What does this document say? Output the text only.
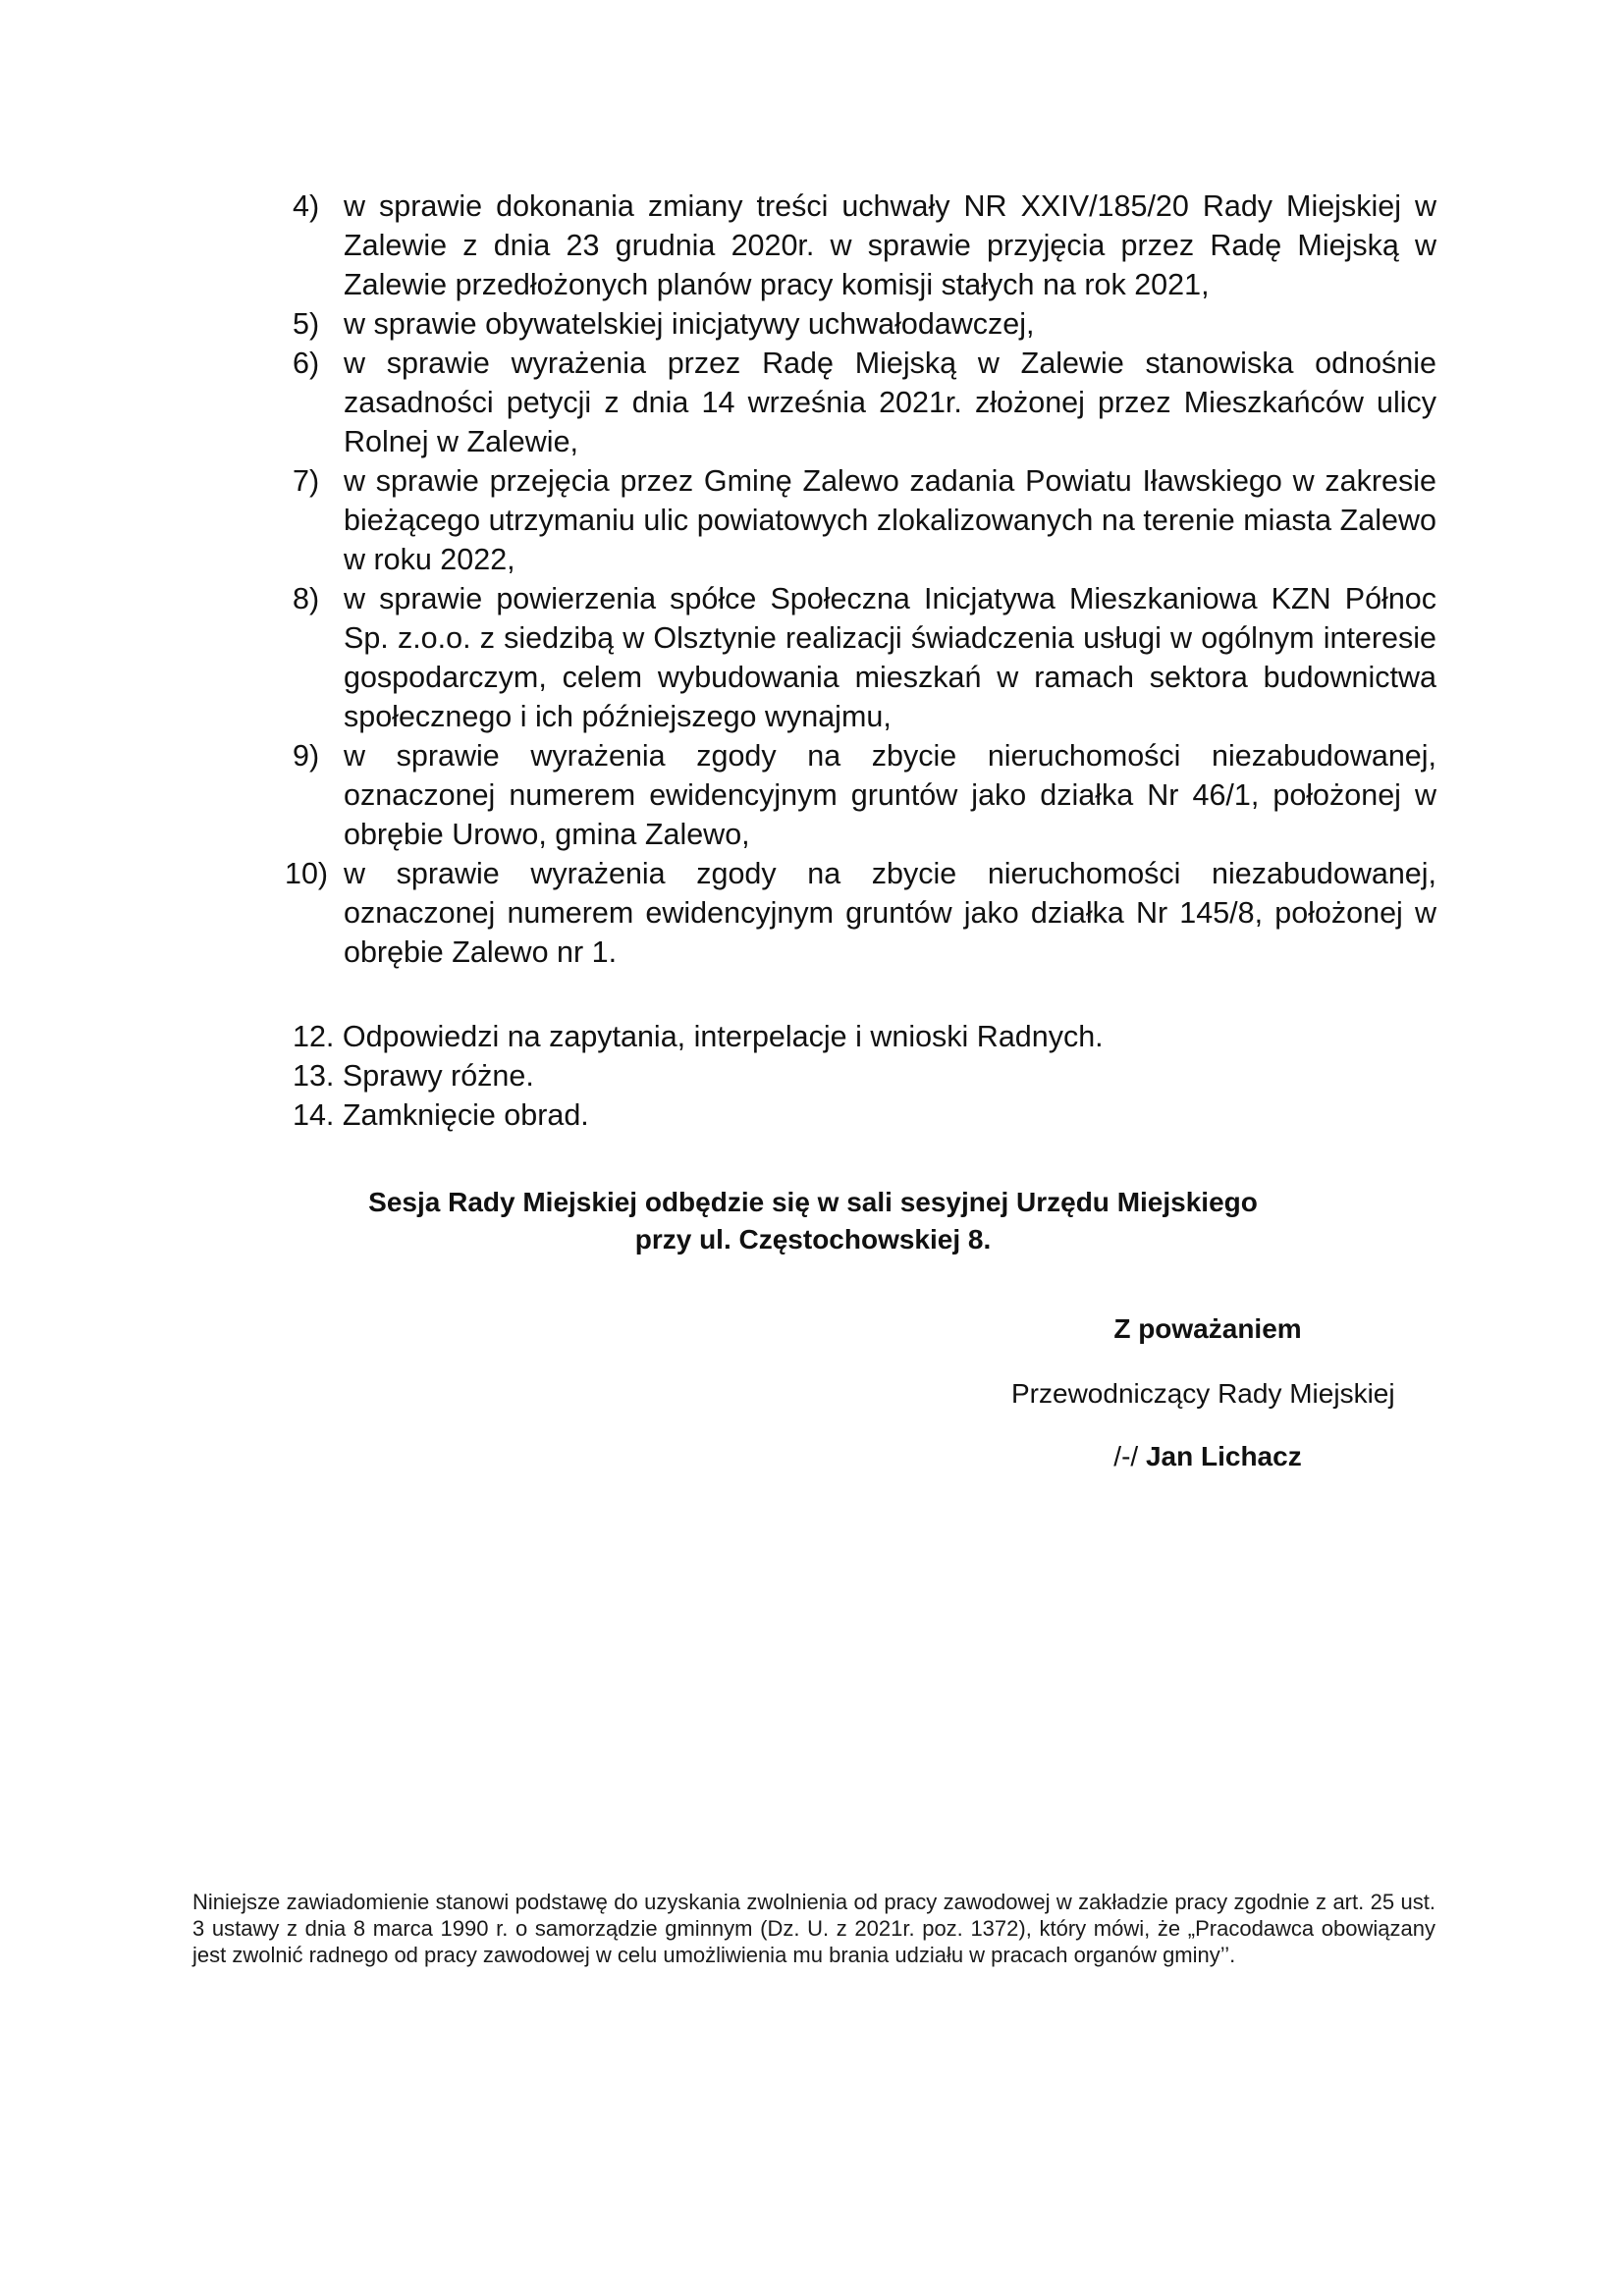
4) w sprawie dokonania zmiany treści uchwały NR XXIV/185/20 Rady Miejskiej w Zalewie z dnia 23 grudnia 2020r. w sprawie przyjęcia przez Radę Miejską w Zalewie przedłożonych planów pracy komisji stałych na rok 2021,
5) w sprawie obywatelskiej inicjatywy uchwałodawczej,
6) w sprawie wyrażenia przez Radę Miejską w Zalewie stanowiska odnośnie zasadności petycji z dnia 14 września 2021r. złożonej przez Mieszkańców ulicy Rolnej w Zalewie,
7) w sprawie przejęcia przez Gminę Zalewo zadania Powiatu Iławskiego w zakresie bieżącego utrzymaniu ulic powiatowych zlokalizowanych na terenie miasta Zalewo w roku 2022,
8) w sprawie powierzenia spółce Społeczna Inicjatywa Mieszkaniowa KZN Północ Sp. z.o.o. z siedzibą w Olsztynie realizacji świadczenia usługi w ogólnym interesie gospodarczym, celem wybudowania mieszkań w ramach sektora budownictwa społecznego i ich późniejszego wynajmu,
9) w sprawie wyrażenia zgody na zbycie nieruchomości niezabudowanej, oznaczonej numerem ewidencyjnym gruntów jako działka Nr 46/1, położonej w obrębie Urowo, gmina Zalewo,
10) w sprawie wyrażenia zgody na zbycie nieruchomości niezabudowanej, oznaczonej numerem ewidencyjnym gruntów jako działka Nr 145/8, położonej w obrębie Zalewo nr 1.
12. Odpowiedzi na zapytania, interpelacje i wnioski Radnych.
13. Sprawy różne.
14. Zamknięcie obrad.
Sesja Rady Miejskiej odbędzie się w sali sesyjnej Urzędu Miejskiego
przy ul. Częstochowskiej 8.
Z poważaniem
Przewodniczący Rady Miejskiej
/-/ Jan Lichacz
Niniejsze zawiadomienie stanowi podstawę do uzyskania zwolnienia od pracy zawodowej w zakładzie pracy zgodnie z art. 25 ust. 3 ustawy z dnia 8 marca 1990 r. o samorządzie gminnym (Dz. U. z 2021r. poz. 1372), który mówi, że „Pracodawca obowiązany jest zwolnić radnego od pracy zawodowej w celu umożliwienia mu brania udziału w pracach organów gminy’’.
